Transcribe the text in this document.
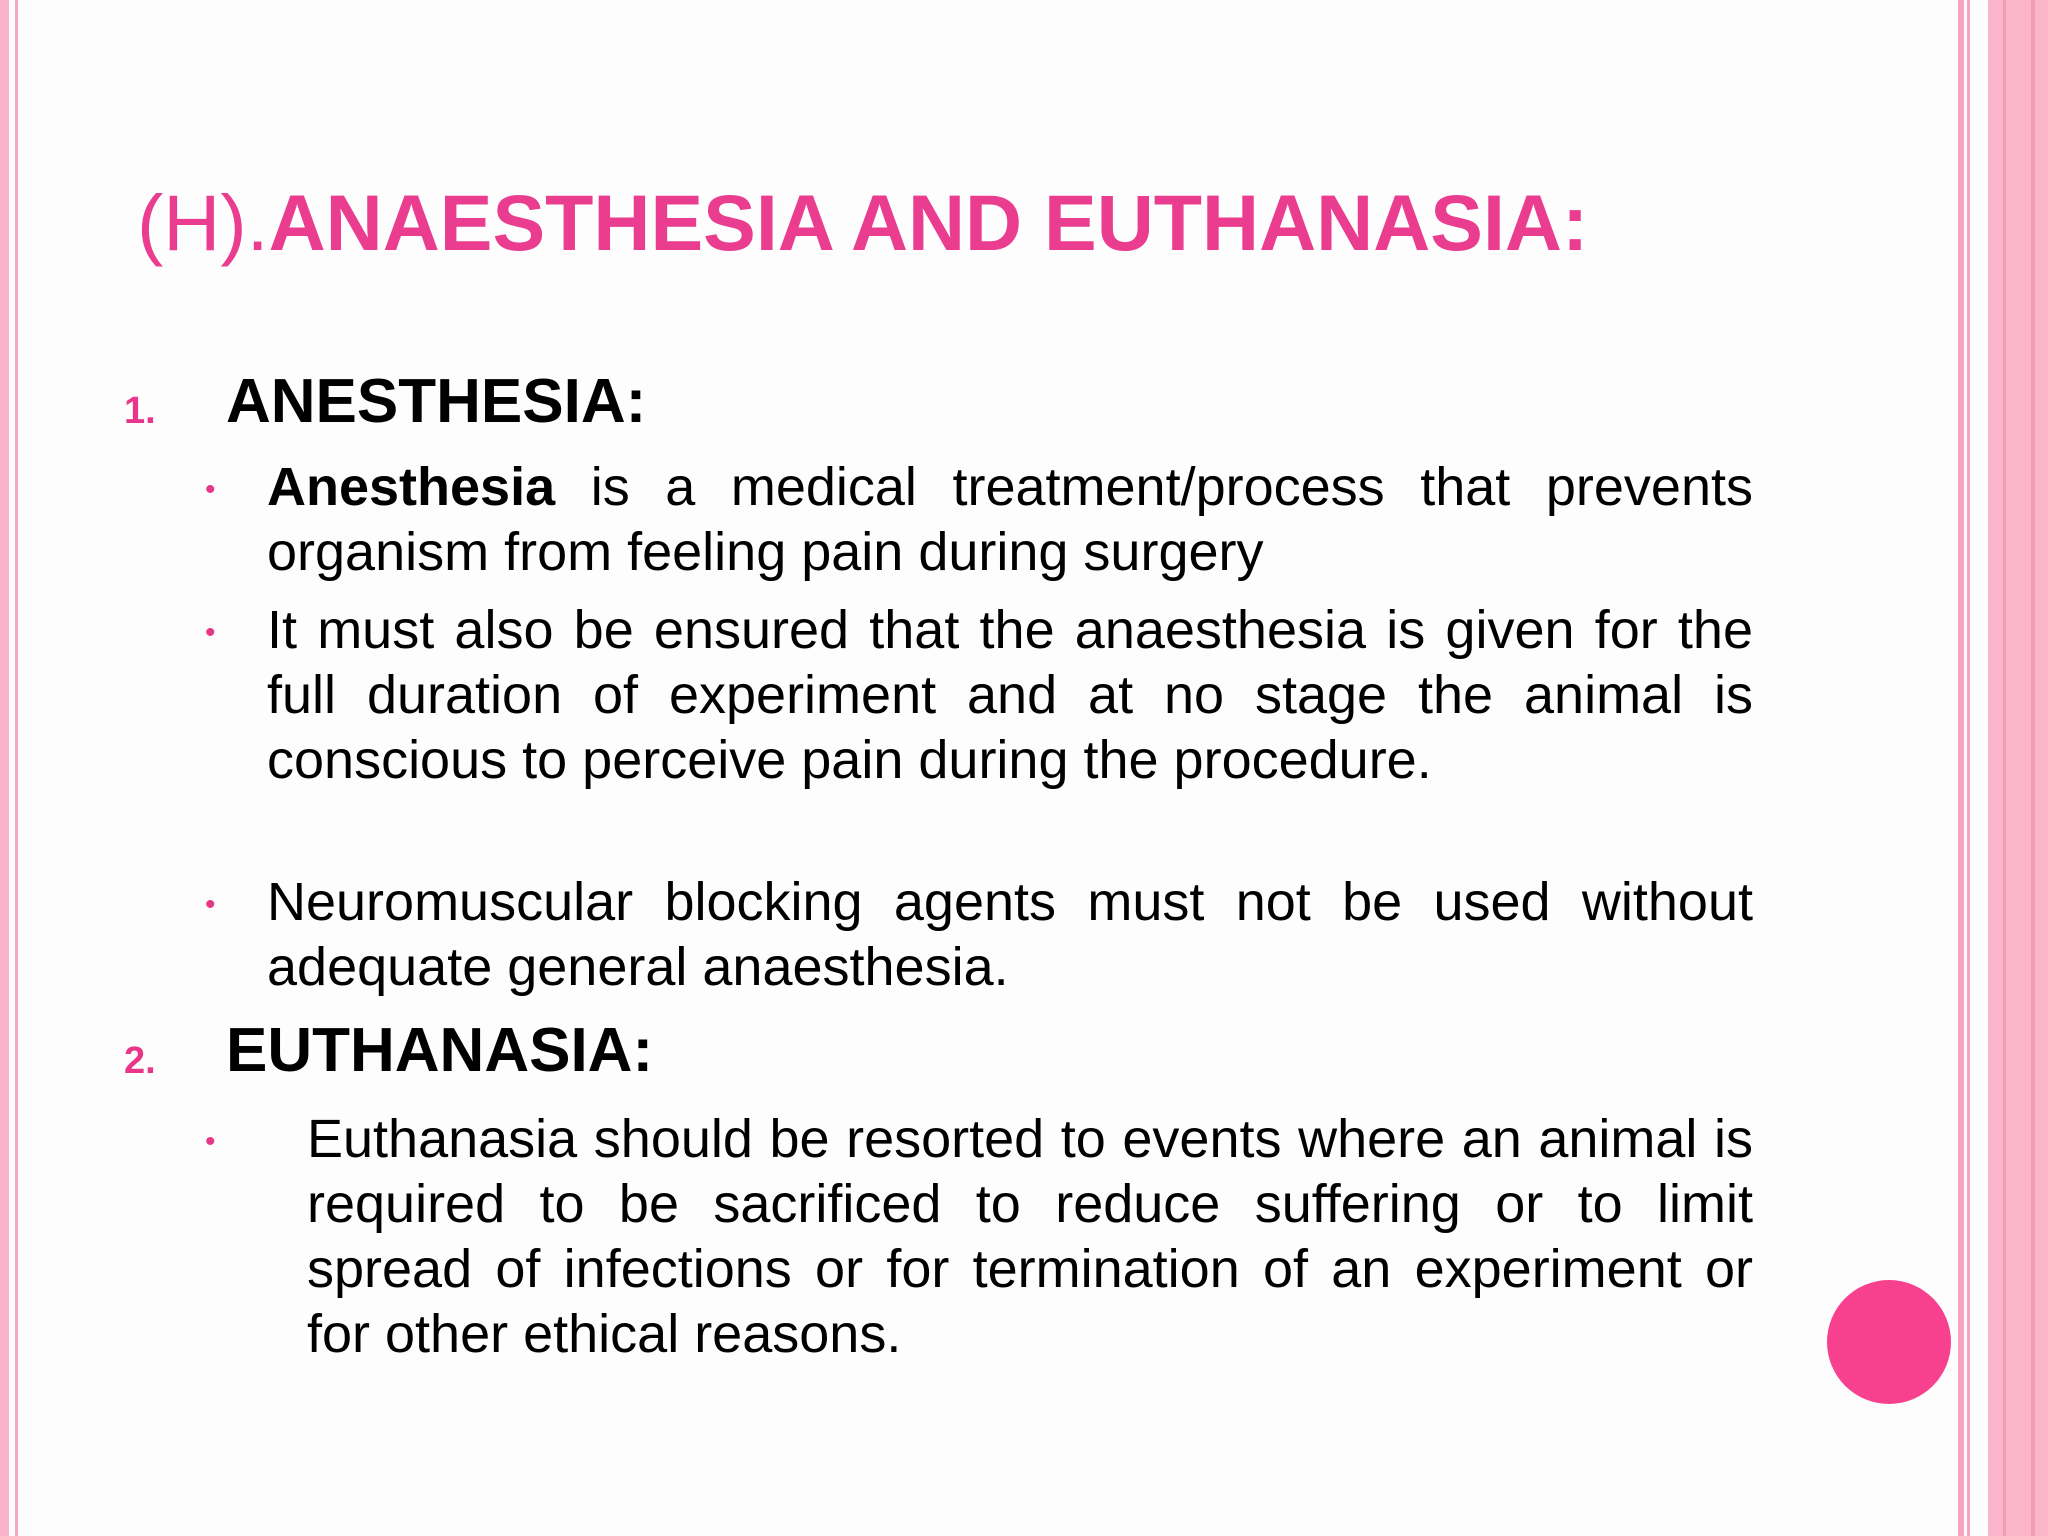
(H).ANAESTHESIA AND EUTHANASIA:
1. ANESTHESIA:
• Anesthesia is a medical treatment/process that prevents organism from feeling pain during surgery
• It must also be ensured that the anaesthesia is given for the full duration of experiment and at no stage the animal is conscious to perceive pain during the procedure.
• Neuromuscular blocking agents must not be used without adequate general anaesthesia.
2. EUTHANASIA:
• Euthanasia should be resorted to events where an animal is required to be sacrificed to reduce suffering or to limit spread of infections or for termination of an experiment or for other ethical reasons.
